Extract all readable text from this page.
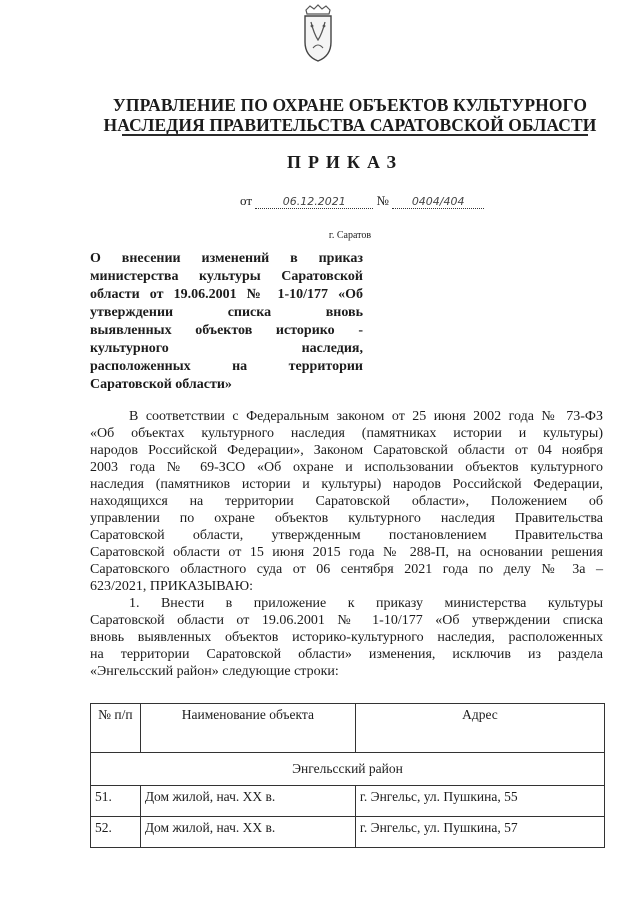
УПРАВЛЕНИЕ ПО ОХРАНЕ ОБЪЕКТОВ КУЛЬТУРНОГО
НАСЛЕДИЯ ПРАВИТЕЛЬСТВА САРАТОВСКОЙ ОБЛАСТИ
ПРИКАЗ
от	06.12.2021 № 0404/404
г. Саратов
О внесении изменений в приказ
министерства культуры Саратовской
области от 19.06.2001 № 1-10/177 «Об
утверждении списка вновь
выявленных объектов историко -
культурного наследия,
расположенных на территории
Саратовской области»
В соответствии с Федеральным законом от 25 июня 2002 года № 73-ФЗ
«Об объектах культурного наследия (памятниках истории и культуры)
народов Российской Федерации», Законом Саратовской области от 04 ноября
2003 года № 69-ЗСО «Об охране и использовании объектов культурного
наследия (памятников истории и культуры) народов Российской Федерации,
находящихся на территории Саратовской области», Положением об
управлении по охране объектов культурного наследия Правительства
Саратовской области, утвержденным постановлением Правительства
Саратовской области от 15 июня 2015 года № 288-П, на основании решения
Саратовского областного суда от 06 сентября 2021 года по делу № 3а –
623/2021, ПРИКАЗЫВАЮ:
1. Внести в приложение к приказу министерства культуры
Саратовской области от 19.06.2001 № 1-10/177 «Об утверждении списка
вновь выявленных объектов историко-культурного наследия, расположенных
на территории Саратовской области» изменения, исключив из раздела
«Энгельсский район» следующие строки:
№ п/п	Наименование объекта	Адрес
Энгельсский район		
51.	Дом жилой, нач. XX в.	г. Энгельс, ул. Пушкина, 55
52.	Дом жилой, нач. XX в.	г. Энгельс, ул. Пушкина, 57
